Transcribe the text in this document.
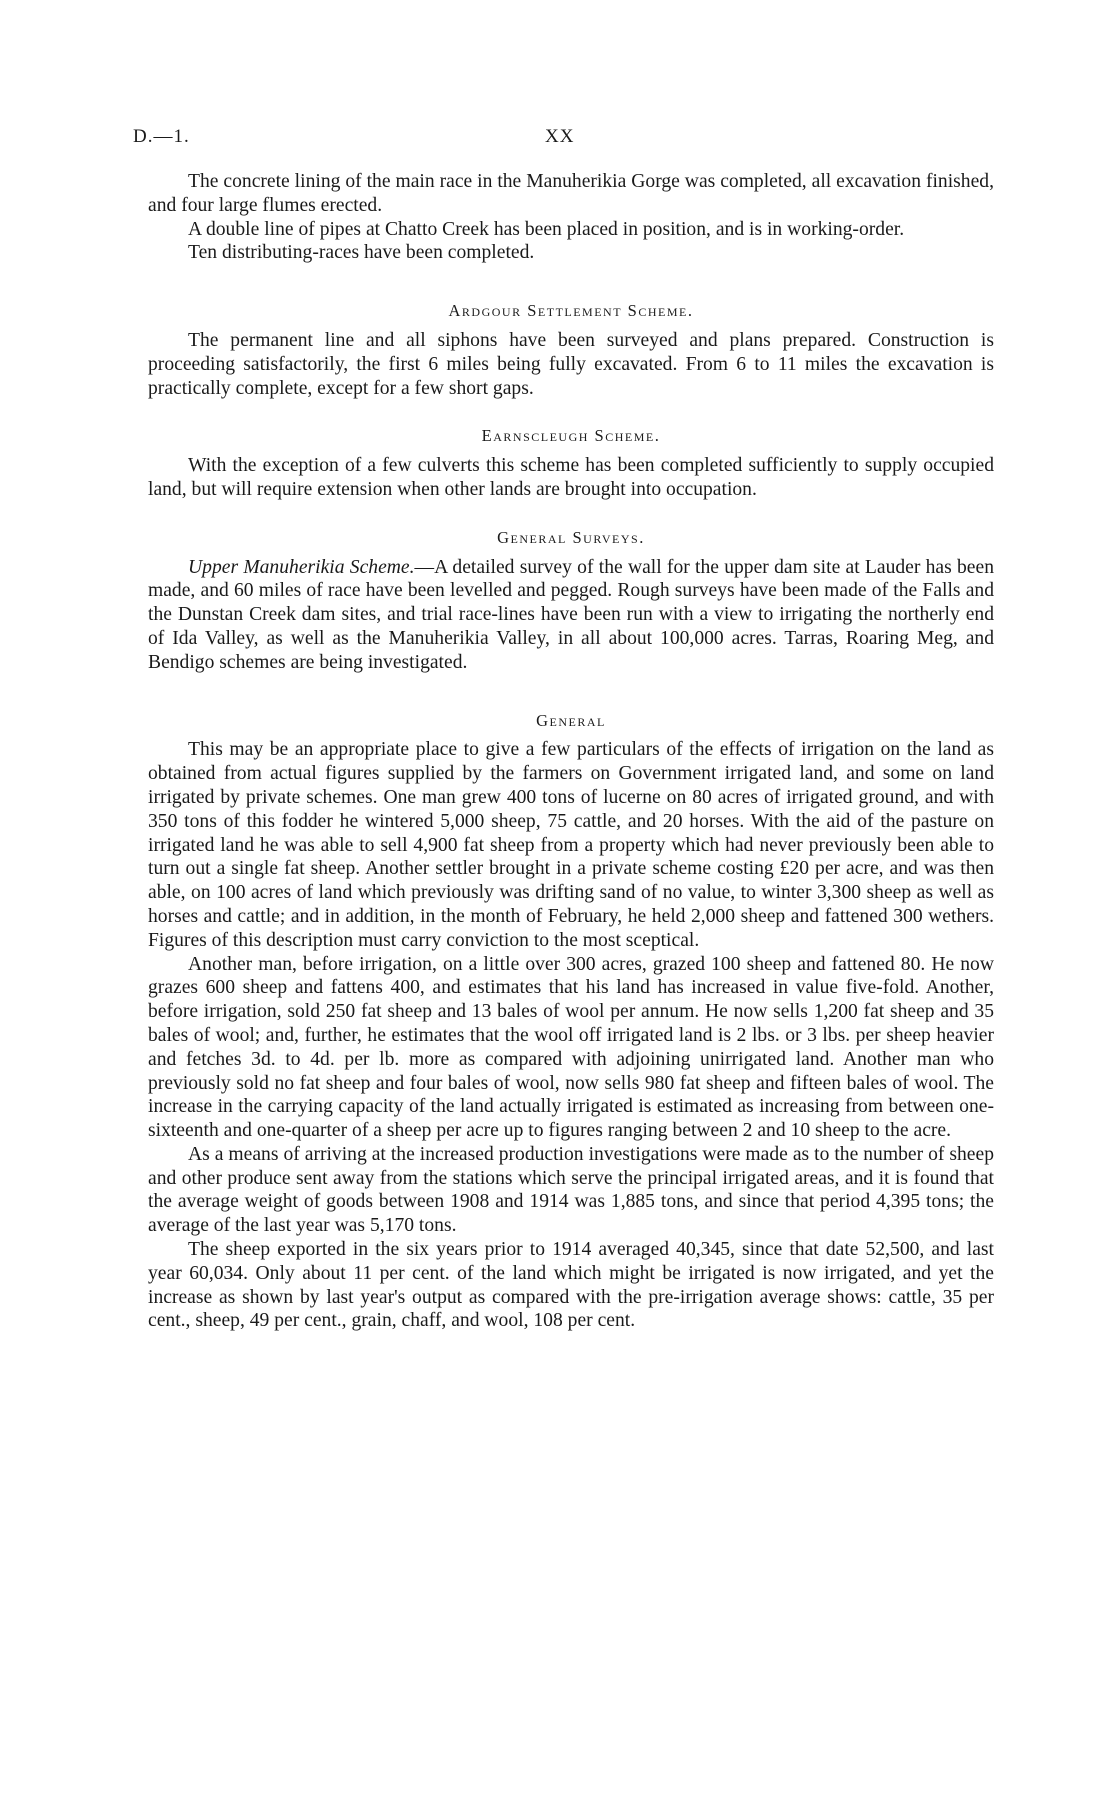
D.—1.	XX

The concrete lining of the main race in the Manuherikia Gorge was completed, all excavation finished, and four large flumes erected.

A double line of pipes at Chatto Creek has been placed in position, and is in working-order.

Ten distributing-races have been completed.

Ardgour Settlement Scheme.

The permanent line and all siphons have been surveyed and plans prepared. Construction is proceeding satisfactorily, the first 6 miles being fully excavated. From 6 to 11 miles the excavation is practically complete, except for a few short gaps.

Earnscleugh Scheme.

With the exception of a few culverts this scheme has been completed sufficiently to supply occupied land, but will require extension when other lands are brought into occupation.

General Surveys.

Upper Manuherikia Scheme.—A detailed survey of the wall for the upper dam site at Lauder has been made, and 60 miles of race have been levelled and pegged. Rough surveys have been made of the Falls and the Dunstan Creek dam sites, and trial race-lines have been run with a view to irrigating the northerly end of Ida Valley, as well as the Manuherikia Valley, in all about 100,000 acres. Tarras, Roaring Meg, and Bendigo schemes are being investigated.

General

This may be an appropriate place to give a few particulars of the effects of irrigation on the land as obtained from actual figures supplied by the farmers on Government irrigated land, and some on land irrigated by private schemes. One man grew 400 tons of lucerne on 80 acres of irrigated ground, and with 350 tons of this fodder he wintered 5,000 sheep, 75 cattle, and 20 horses. With the aid of the pasture on irrigated land he was able to sell 4,900 fat sheep from a property which had never previously been able to turn out a single fat sheep. Another settler brought in a private scheme costing £20 per acre, and was then able, on 100 acres of land which previously was drifting sand of no value, to winter 3,300 sheep as well as horses and cattle; and in addition, in the month of February, he held 2,000 sheep and fattened 300 wethers. Figures of this description must carry conviction to the most sceptical.

Another man, before irrigation, on a little over 300 acres, grazed 100 sheep and fattened 80. He now grazes 600 sheep and fattens 400, and estimates that his land has increased in value five-fold. Another, before irrigation, sold 250 fat sheep and 13 bales of wool per annum. He now sells 1,200 fat sheep and 35 bales of wool; and, further, he estimates that the wool off irrigated land is 2 lbs. or 3 lbs. per sheep heavier and fetches 3d. to 4d. per lb. more as compared with adjoining unirrigated land. Another man who previously sold no fat sheep and four bales of wool, now sells 980 fat sheep and fifteen bales of wool. The increase in the carrying capacity of the land actually irrigated is estimated as increasing from between one-sixteenth and one-quarter of a sheep per acre up to figures ranging between 2 and 10 sheep to the acre.

As a means of arriving at the increased production investigations were made as to the number of sheep and other produce sent away from the stations which serve the principal irrigated areas, and it is found that the average weight of goods between 1908 and 1914 was 1,885 tons, and since that period 4,395 tons; the average of the last year was 5,170 tons.

The sheep exported in the six years prior to 1914 averaged 40,345, since that date 52,500, and last year 60,034. Only about 11 per cent. of the land which might be irrigated is now irrigated, and yet the increase as shown by last year's output as compared with the pre-irrigation average shows: cattle, 35 per cent., sheep, 49 per cent., grain, chaff, and wool, 108 per cent.
